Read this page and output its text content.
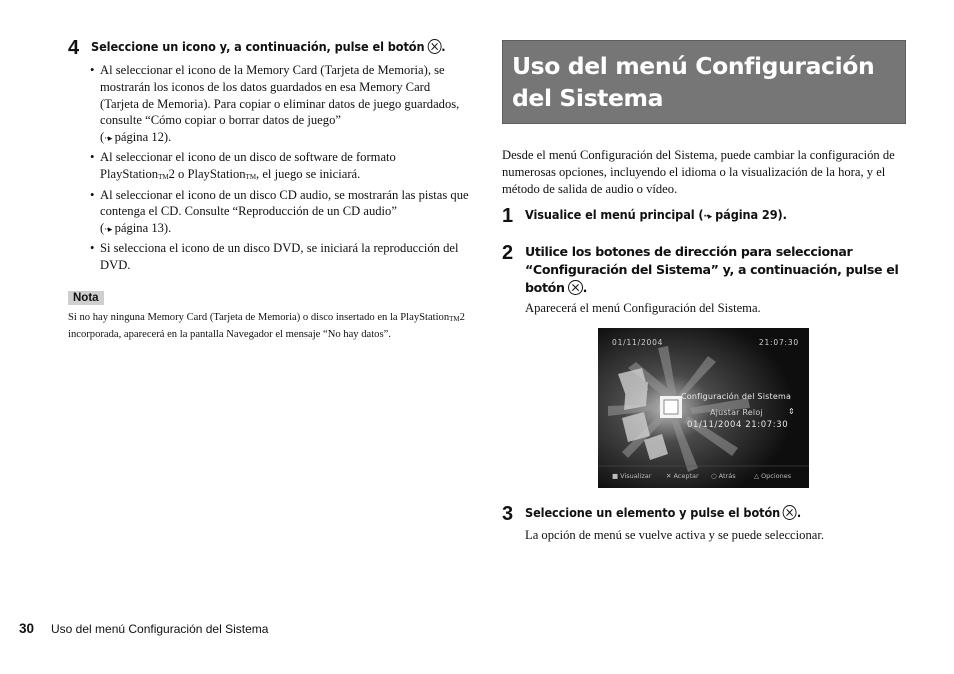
4 Seleccione un icono y, a continuación, pulse el botón .
• Al seleccionar el icono de la Memory Card (Tarjeta de Memoria), se mostrarán los iconos de los datos guardados en esa Memory Card (Tarjeta de Memoria). Para copiar o eliminar datos de juego guardados, consulte “Cómo copiar o borrar datos de juego”
(··▸ página 12).
• Al seleccionar el icono de un disco de software de formato PlayStationTM2 o PlayStationTM, el juego se iniciará.
• Al seleccionar el icono de un disco CD audio, se mostrarán las pistas que contenga el CD. Consulte “Reproducción de un CD audio”
(··▸ página 13).
• Si selecciona el icono de un disco DVD, se iniciará la reproducción del DVD.
Nota

Si no hay ninguna Memory Card (Tarjeta de Memoria) o disco insertado en la PlayStationTM2 incorporada, aparecerá en la pantalla Navegador el mensaje “No hay datos”.

Uso del menú Configuración del Sistema

Desde el menú Configuración del Sistema, puede cambiar la configuración de numerosas opciones, incluyendo el idioma o la visualización de la hora, y el método de salida de audio o vídeo.

1 Visualice el menú principal (··▸ página 29).
2 Utilice los botones de dirección para seleccionar “Configuración del Sistema” y, a continuación, pulse el botón .

Aparecerá el menú Configuración del Sistema.

01/11/2004	21:07:30
Configuración del Sistema
Ajustar Reloj	⇕
01/11/2004 21:07:30
■ Visualizar ✕ Aceptar ○ Atrás	△ Opciones
3 Seleccione un elemento y pulse el botón .

La opción de menú se vuelve activa y se puede seleccionar.

30	Uso del menú Configuración del Sistema
